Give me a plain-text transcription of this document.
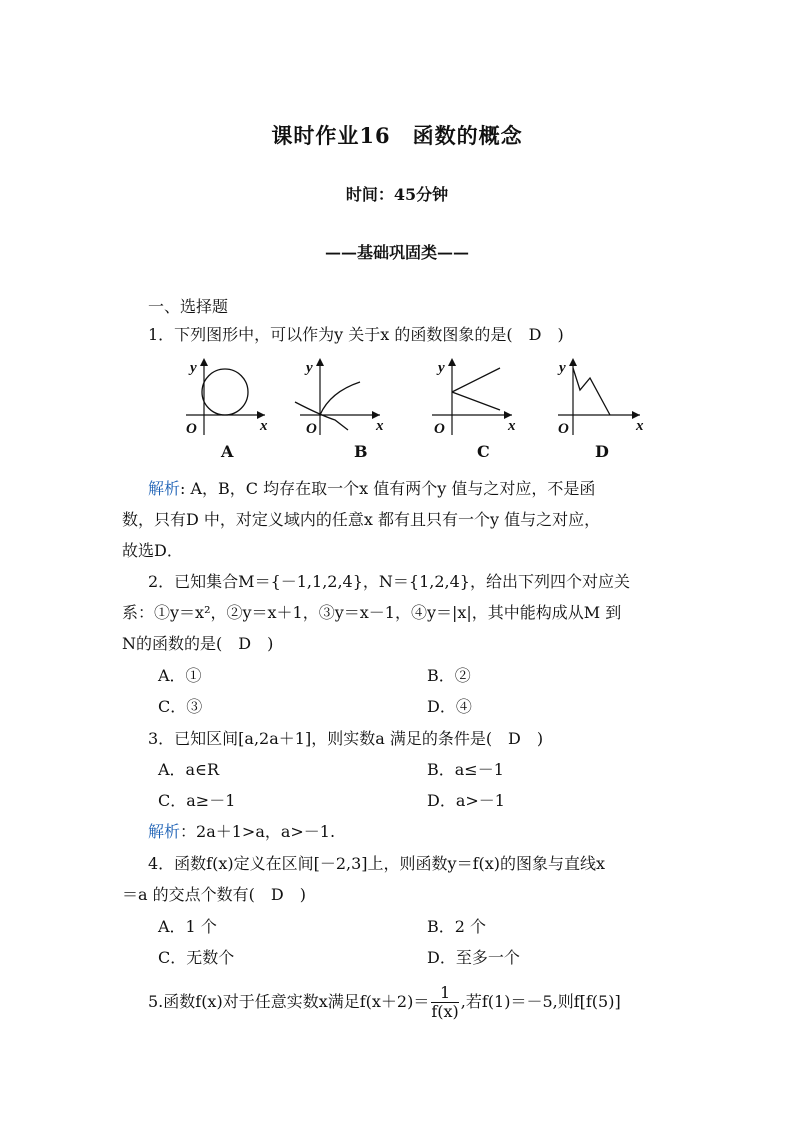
课时作业16　函数的概念
时间：45分钟
——基础巩固类——
一、选择题
1．下列图形中，可以作为y 关于x 的函数图象的是(　D　)
y
x
O
y
x
O
y
x
O
y
x
O
A	B	C	D
解析: A，B，C 均存在取一个x 值有两个y 值与之对应，不是函
数，只有D 中，对定义域内的任意x 都有且只有一个y 值与之对应，
故选D．
2．已知集合M＝{－1,1,2,4}，N＝{1,2,4}，给出下列四个对应关
系：①y＝x²，②y＝x＋1，③y＝x－1，④y＝|x|，其中能构成从M 到
N的函数的是(　D　)
A．①	B．②
C．③	D．④
3．已知区间[a,2a＋1]，则实数a 满足的条件是(　D　)
A．a∈R	B．a≤－1
C．a≥－1	D．a>－1
解析：2a＋1>a，a>－1.
4．函数f(x)定义在区间[－2,3]上，则函数y＝f(x)的图象与直线x
＝a 的交点个数有(　D　)
A．1 个	B．2 个
C．无数个	D．至多一个
5.函数f(x)对于任意实数x满足$f(x+2)= \frac{1}{f(x)}$ ,若f(1)＝－5,则f[f(5)]
